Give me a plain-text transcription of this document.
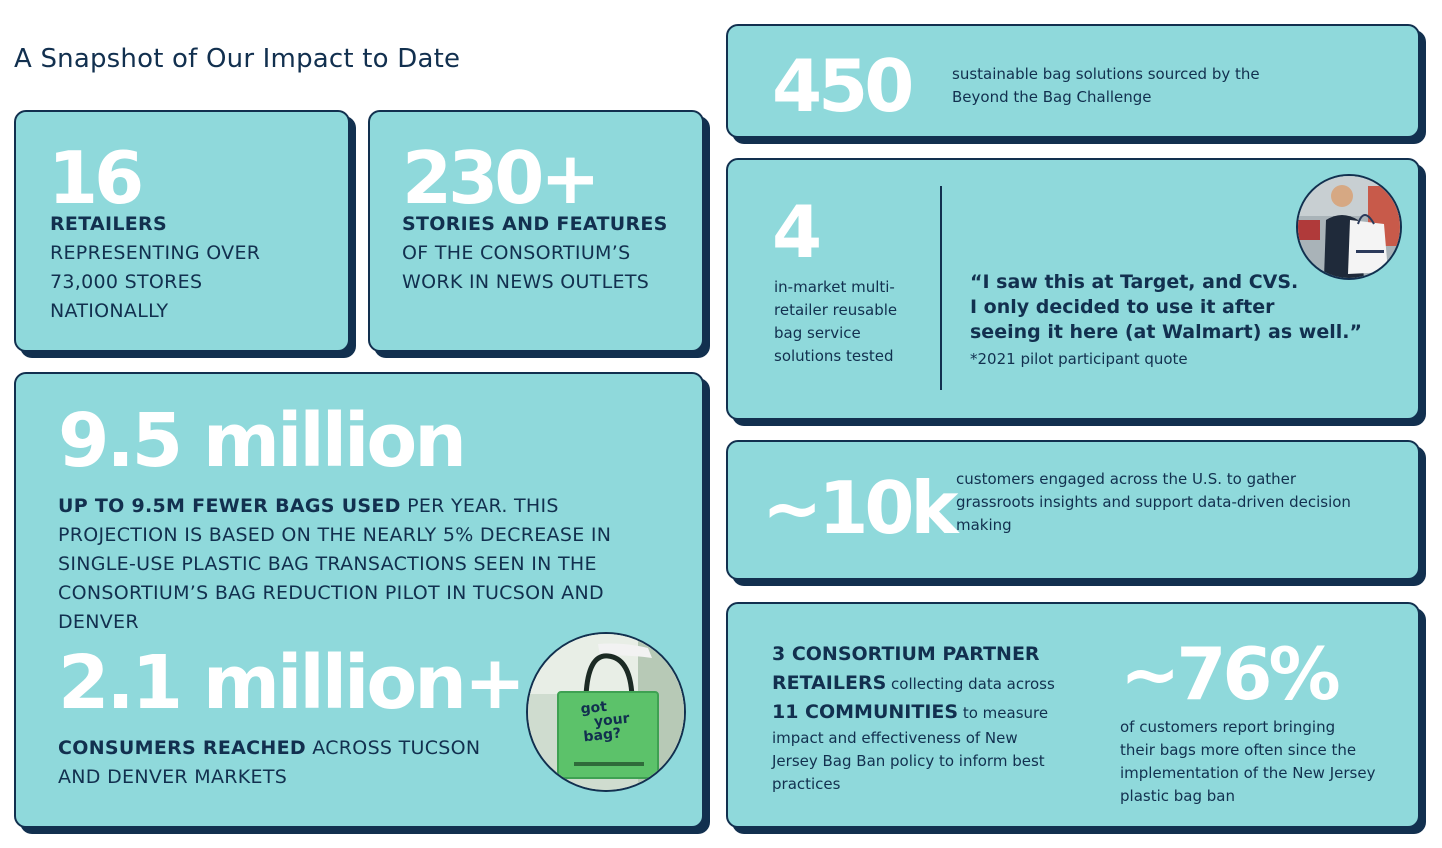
A Snapshot of Our Impact to Date
16
RETAILERS
REPRESENTING OVER
73,000 STORES
NATIONALLY
230+
STORIES AND FEATURES
OF THE CONSORTIUM’S
WORK IN NEWS OUTLETS
9.5 million
UP TO 9.5M FEWER BAGS USED PER YEAR. THIS
PROJECTION IS BASED ON THE NEARLY 5% DECREASE IN
SINGLE-USE PLASTIC BAG TRANSACTIONS SEEN IN THE
CONSORTIUM’S BAG REDUCTION PILOT IN TUCSON AND
DENVER
2.1 million+
CONSUMERS REACHED ACROSS TUCSON
AND DENVER MARKETS
got
your
bag?
450	sustainable bag solutions sourced by the
Beyond the Bag Challenge
4
in-market multi-
retailer reusable
bag service
solutions tested
“I saw this at Target, and CVS.
I only decided to use it after
seeing it here (at Walmart) as well.”
*2021 pilot participant quote
~10k customers engaged across the U.S. to gather
grassroots insights and support data-driven decision
making
3 CONSORTIUM PARTNER
RETAILERS collecting data across
11 COMMUNITIES to measure
impact and effectiveness of New
Jersey Bag Ban policy to inform best
practices
~76%
of customers report bringing
their bags more often since the
implementation of the New Jersey
plastic bag ban
